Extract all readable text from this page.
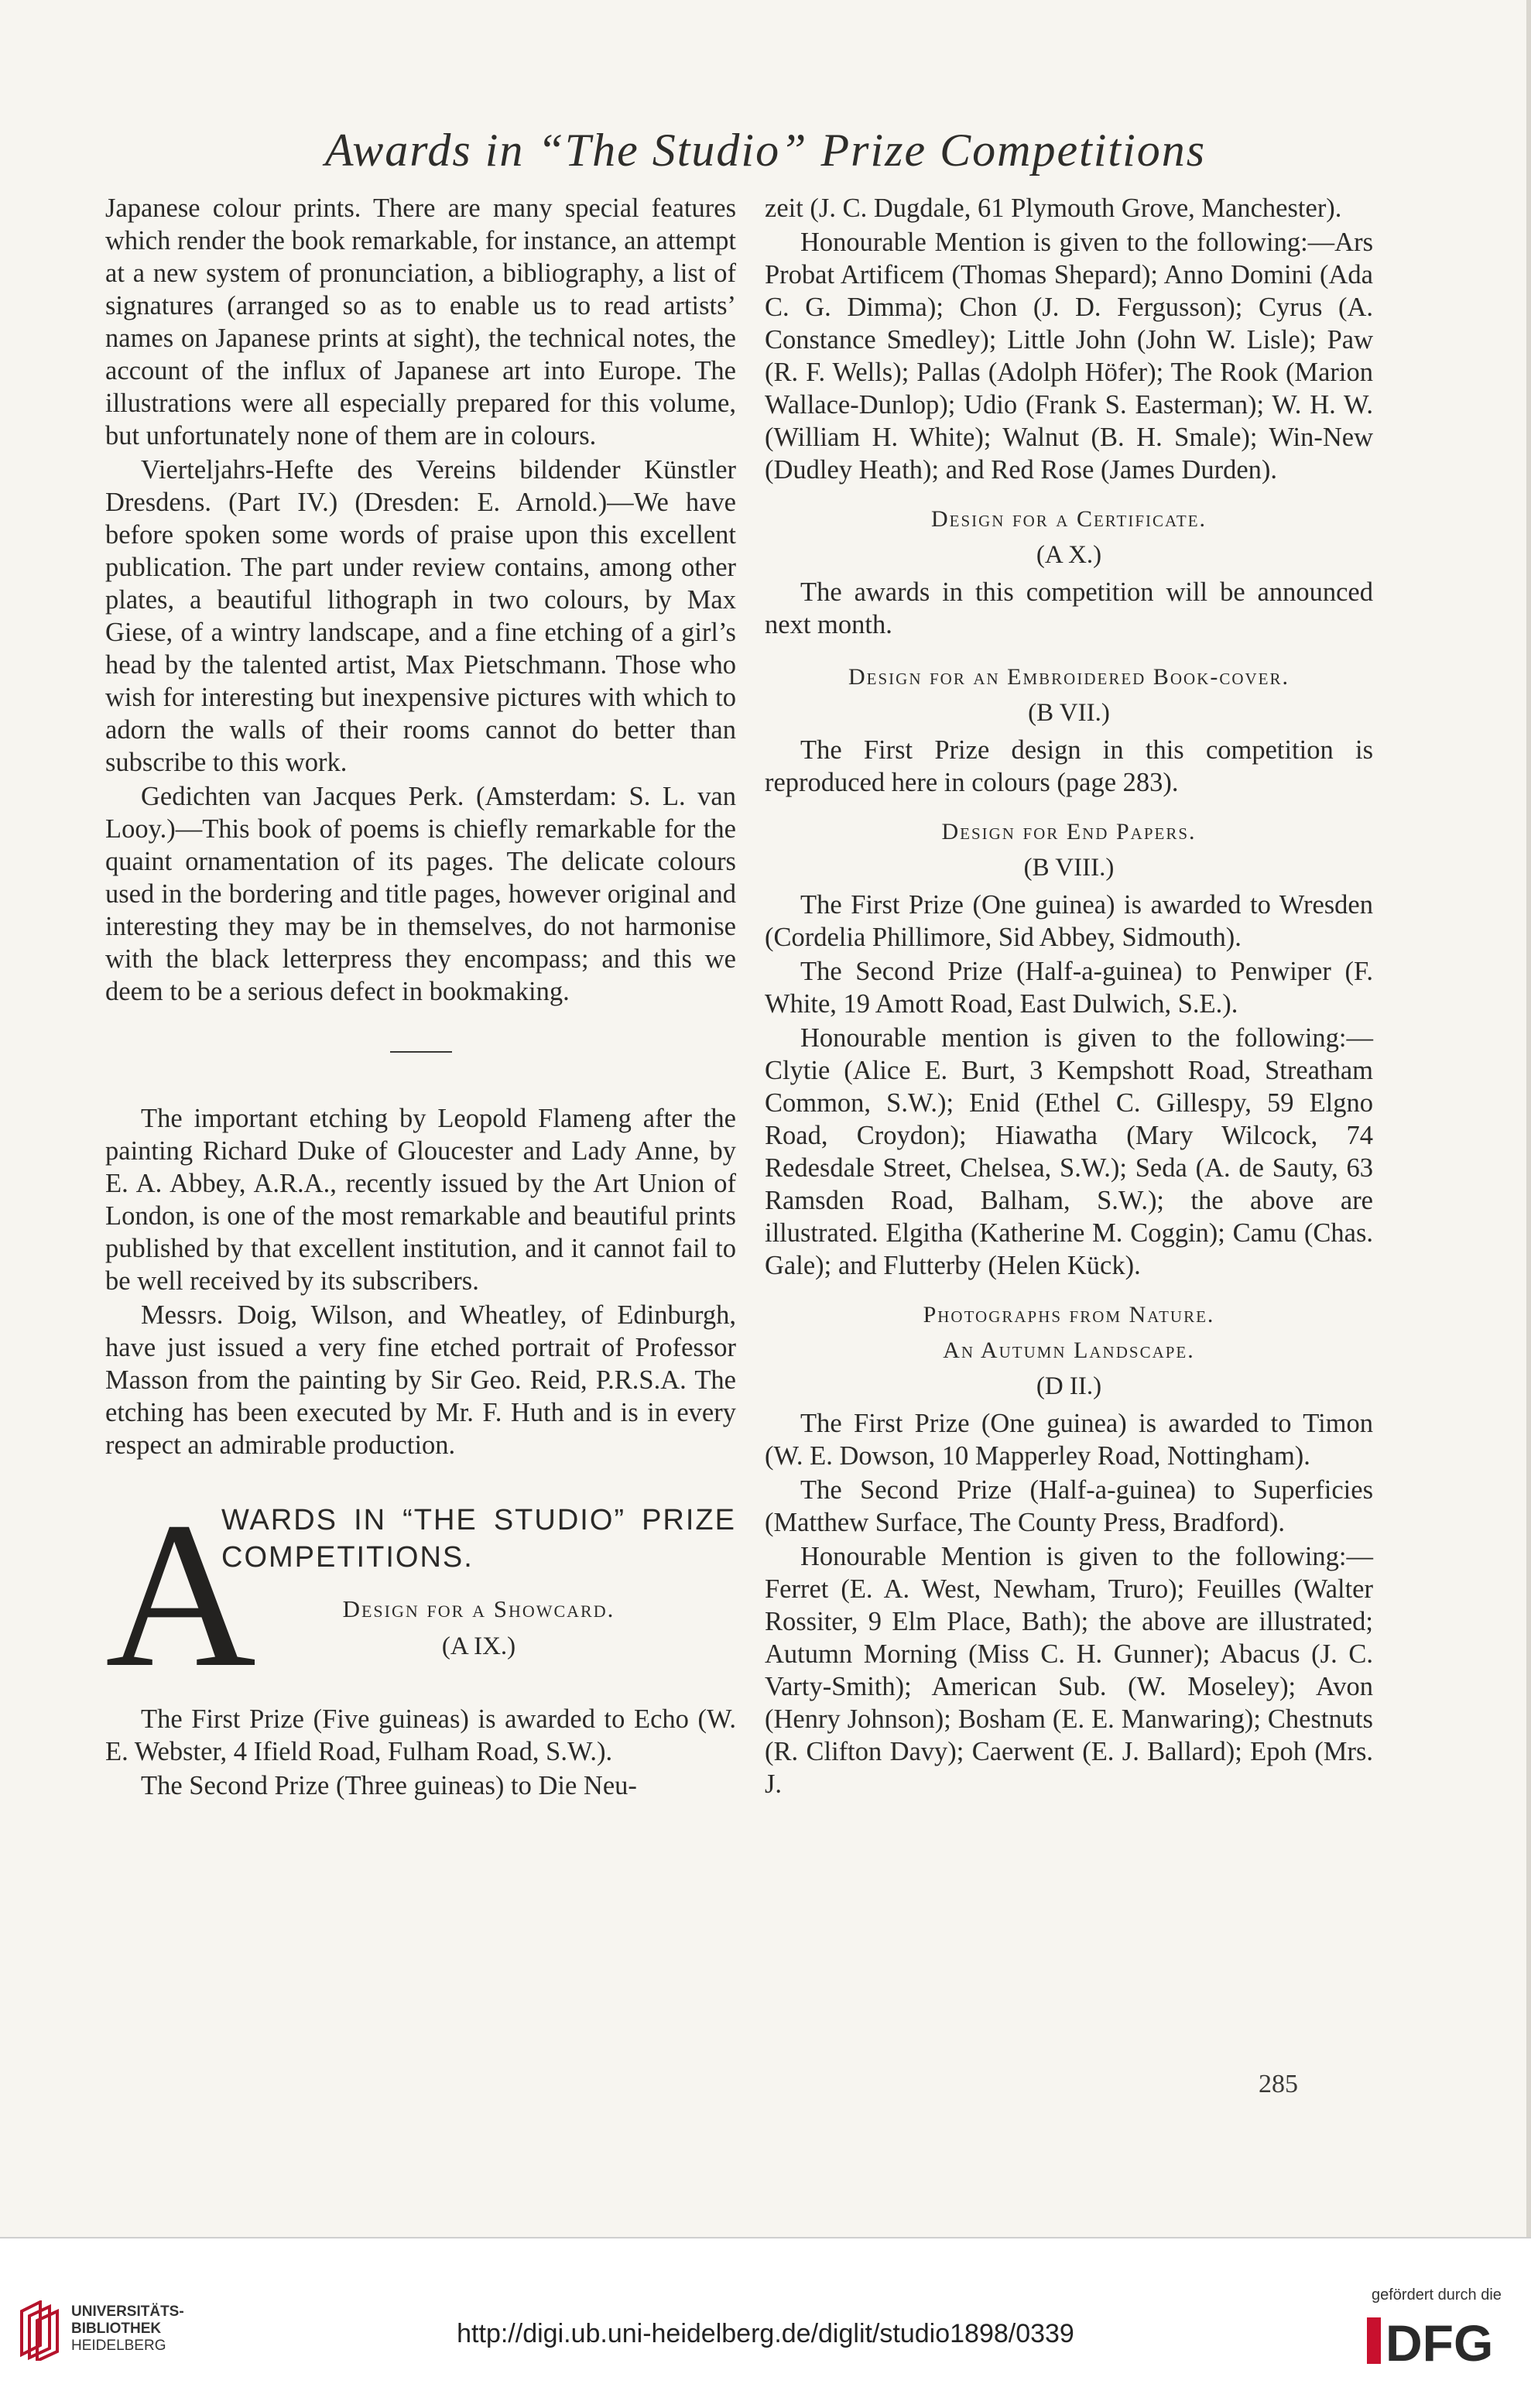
Awards in “The Studio” Prize Competitions

Japanese colour prints. There are many special features which render the book remarkable, for instance, an attempt at a new system of pronunciation, a bibliography, a list of signatures (arranged so as to enable us to read artists’ names on Japanese prints at sight), the technical notes, the account of the influx of Japanese art into Europe. The illustrations were all especially prepared for this volume, but unfortunately none of them are in colours.

Vierteljahrs-Hefte des Vereins bildender Künstler Dresdens. (Part IV.) (Dresden: E. Arnold.)—We have before spoken some words of praise upon this excellent publication. The part under review contains, among other plates, a beautiful lithograph in two colours, by Max Giese, of a wintry landscape, and a fine etching of a girl’s head by the talented artist, Max Pietschmann. Those who wish for interesting but inexpensive pictures with which to adorn the walls of their rooms cannot do better than subscribe to this work.

Gedichten van Jacques Perk. (Amsterdam: S. L. van Looy.)—This book of poems is chiefly remarkable for the quaint ornamentation of its pages. The delicate colours used in the bordering and title pages, however original and interesting they may be in themselves, do not harmonise with the black letterpress they encompass; and this we deem to be a serious defect in bookmaking.

The important etching by Leopold Flameng after the painting Richard Duke of Gloucester and Lady Anne, by E. A. Abbey, A.R.A., recently issued by the Art Union of London, is one of the most remarkable and beautiful prints published by that excellent institution, and it cannot fail to be well received by its subscribers.

Messrs. Doig, Wilson, and Wheatley, of Edinburgh, have just issued a very fine etched portrait of Professor Masson from the painting by Sir Geo. Reid, P.R.S.A. The etching has been executed by Mr. F. Huth and is in every respect an admirable production.

A
WARDS IN “THE STUDIO” PRIZE COMPETITIONS.
Design for a Showcard.
(A IX.)

The First Prize (Five guineas) is awarded to Echo (W. E. Webster, 4 Ifield Road, Fulham Road, S.W.).

The Second Prize (Three guineas) to Die Neu-

zeit (J. C. Dugdale, 61 Plymouth Grove, Manchester).

Honourable Mention is given to the following:—Ars Probat Artificem (Thomas Shepard); Anno Domini (Ada C. G. Dimma); Chon (J. D. Fergusson); Cyrus (A. Constance Smedley); Little John (John W. Lisle); Paw (R. F. Wells); Pallas (Adolph Höfer); The Rook (Marion Wallace-Dunlop); Udio (Frank S. Easterman); W. H. W. (William H. White); Walnut (B. H. Smale); Win-New (Dudley Heath); and Red Rose (James Durden).

Design for a Certificate.
(A X.)

The awards in this competition will be announced next month.

Design for an Embroidered Book-cover.
(B VII.)

The First Prize design in this competition is reproduced here in colours (page 283).

Design for End Papers.
(B VIII.)

The First Prize (One guinea) is awarded to Wresden (Cordelia Phillimore, Sid Abbey, Sidmouth).

The Second Prize (Half-a-guinea) to Penwiper (F. White, 19 Amott Road, East Dulwich, S.E.).

Honourable mention is given to the following:—Clytie (Alice E. Burt, 3 Kempshott Road, Streatham Common, S.W.); Enid (Ethel C. Gillespy, 59 Elgno Road, Croydon); Hiawatha (Mary Wilcock, 74 Redesdale Street, Chelsea, S.W.); Seda (A. de Sauty, 63 Ramsden Road, Balham, S.W.); the above are illustrated. Elgitha (Katherine M. Coggin); Camu (Chas. Gale); and Flutterby (Helen Kück).

Photographs from Nature.
An Autumn Landscape.
(D II.)

The First Prize (One guinea) is awarded to Timon (W. E. Dowson, 10 Mapperley Road, Nottingham).

The Second Prize (Half-a-guinea) to Superficies (Matthew Surface, The County Press, Bradford).

Honourable Mention is given to the following:—Ferret (E. A. West, Newham, Truro); Feuilles (Walter Rossiter, 9 Elm Place, Bath); the above are illustrated; Autumn Morning (Miss C. H. Gunner); Abacus (J. C. Varty-Smith); American Sub. (W. Moseley); Avon (Henry Johnson); Bosham (E. E. Manwaring); Chestnuts (R. Clifton Davy); Caerwent (E. J. Ballard); Epoh (Mrs. J.

285
UNIVERSITÄTS-
BIBLIOTHEK
HEIDELBERG	http://digi.ub.uni-heidelberg.de/diglit/studio1898/0339
gefördert durch die
DFG
